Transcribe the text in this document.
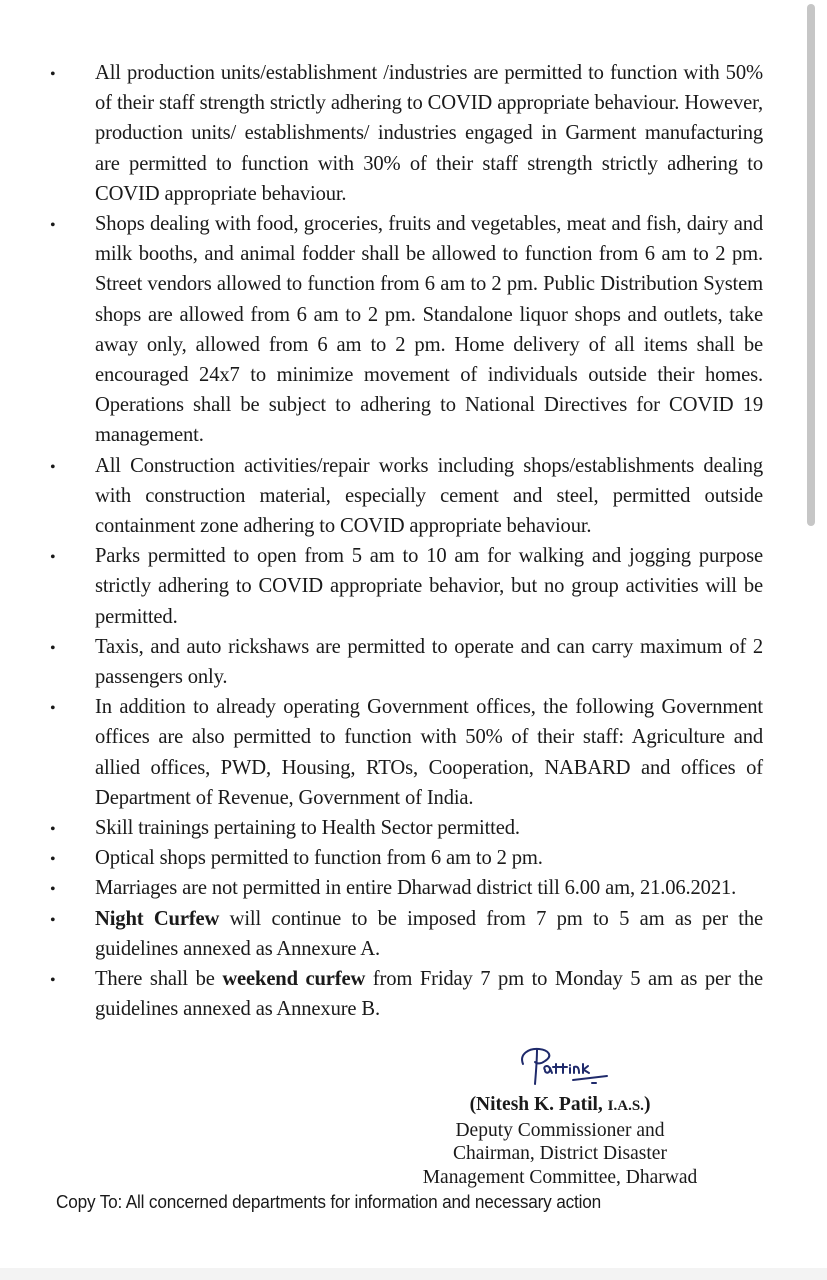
• All production units/establishment /industries are permitted to function with 50% of their staff strength strictly adhering to COVID appropriate behaviour. However, production units/ establishments/ industries engaged in Garment manufacturing are permitted to function with 30% of their staff strength strictly adhering to COVID appropriate behaviour.
• Shops dealing with food, groceries, fruits and vegetables, meat and fish, dairy and milk booths, and animal fodder shall be allowed to function from 6 am to 2 pm. Street vendors allowed to function from 6 am to 2 pm. Public Distribution System shops are allowed from 6 am to 2 pm. Standalone liquor shops and outlets, take away only, allowed from 6 am to 2 pm. Home delivery of all items shall be encouraged 24x7 to minimize movement of individuals outside their homes. Operations shall be subject to adhering to National Directives for COVID 19 management.
• All Construction activities/repair works including shops/establishments dealing with construction material, especially cement and steel, permitted outside containment zone adhering to COVID appropriate behaviour.
• Parks permitted to open from 5 am to 10 am for walking and jogging purpose strictly adhering to COVID appropriate behavior, but no group activities will be permitted.
• Taxis, and auto rickshaws are permitted to operate and can carry maximum of 2 passengers only.
• In addition to already operating Government offices, the following Government offices are also permitted to function with 50% of their staff: Agriculture and allied offices, PWD, Housing, RTOs, Cooperation, NABARD and offices of Department of Revenue, Government of India.
• Skill trainings pertaining to Health Sector permitted.
• Optical shops permitted to function from 6 am to 2 pm.
• Marriages are not permitted in entire Dharwad district till 6.00 am, 21.06.2021.
• Night Curfew will continue to be imposed from 7 pm to 5 am as per the guidelines annexed as Annexure A.
• There shall be weekend curfew from Friday 7 pm to Monday 5 am as per the guidelines annexed as Annexure B.
(Nitesh K. Patil, I.A.S.)
Deputy Commissioner and
Chairman, District Disaster
Management Committee, Dharwad
Copy To: All concerned departments for information and necessary action
